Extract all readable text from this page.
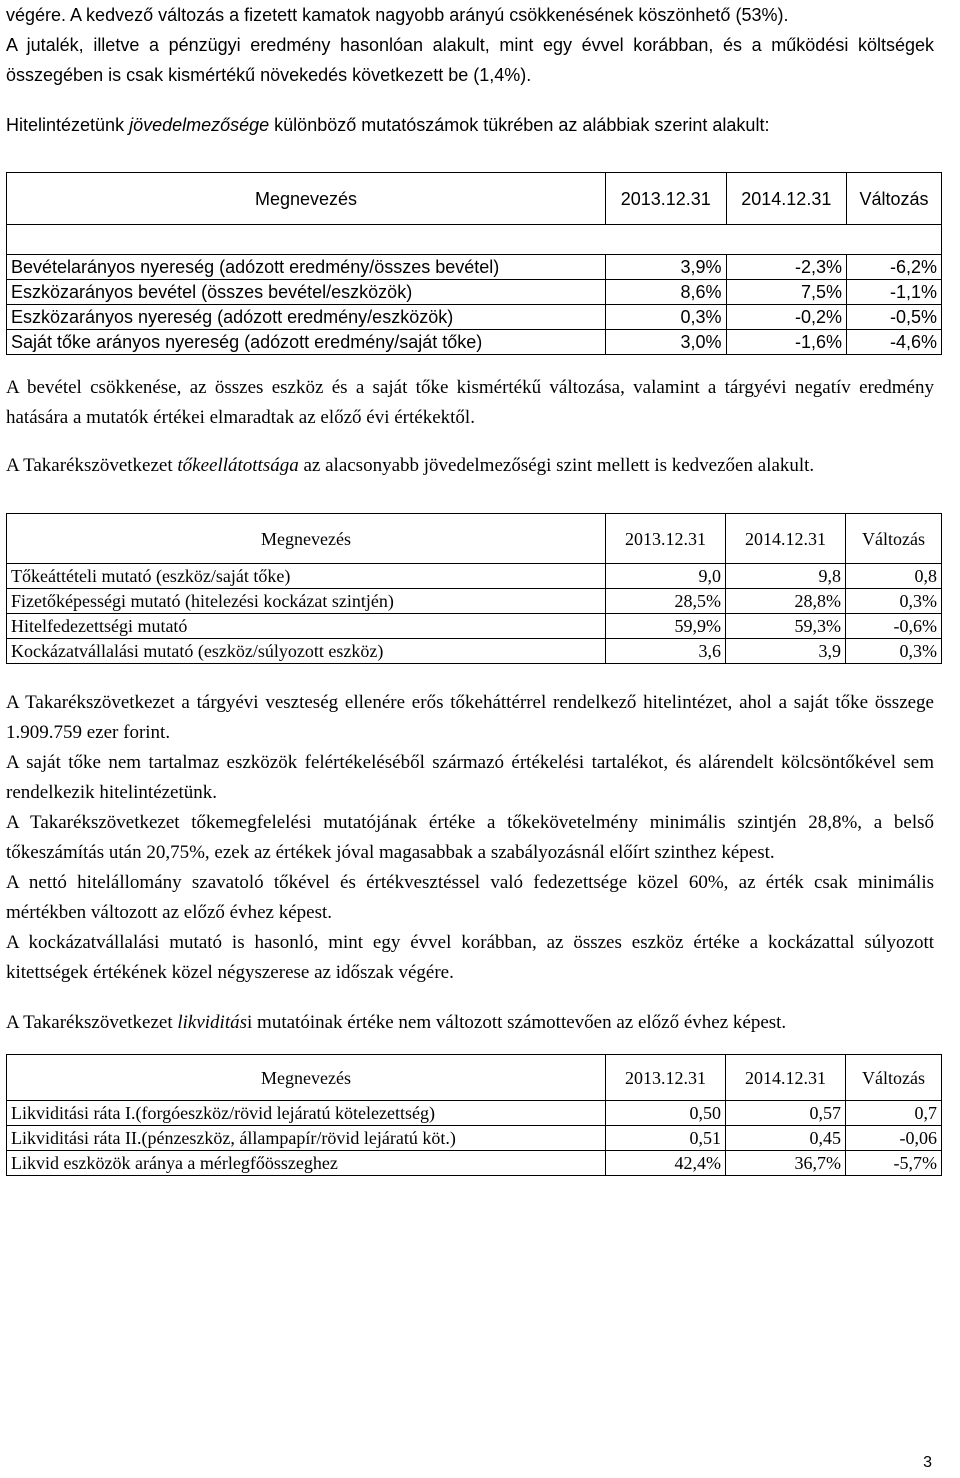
végére. A kedvező változás a fizetett kamatok nagyobb arányú csökkenésének köszönhető (53%).

A jutalék, illetve a pénzügyi eredmény hasonlóan alakult, mint egy évvel korábban, és a működési költségek összegében is csak kismértékű növekedés következett be (1,4%).

Hitelintézetünk jövedelmezősége különböző mutatószámok tükrében az alábbiak szerint alakult:

Megnevezés	2013.12.31	2014.12.31	Változás

Bevételarányos nyereség (adózott eredmény/összes bevétel)	3,9%	-2,3%	-6,2%
Eszközarányos bevétel (összes bevétel/eszközök)	8,6%	7,5%	-1,1%
Eszközarányos nyereség (adózott eredmény/eszközök)	0,3%	-0,2%	-0,5%
Saját tőke arányos nyereség (adózott eredmény/saját tőke)	3,0%	-1,6%	-4,6%

A bevétel csökkenése, az összes eszköz és a saját tőke kismértékű változása, valamint a tárgyévi negatív eredmény hatására a mutatók értékei elmaradtak az előző évi értékektől.

A Takarékszövetkezet tőkeellátottsága az alacsonyabb jövedelmezőségi szint mellett is kedvezően alakult.

Megnevezés	2013.12.31	2014.12.31	Változás
Tőkeáttételi mutató (eszköz/saját tőke)	9,0	9,8	0,8
Fizetőképességi mutató (hitelezési kockázat szintjén)	28,5%	28,8%	0,3%
Hitelfedezettségi mutató	59,9%	59,3%	-0,6%
Kockázatvállalási mutató (eszköz/súlyozott eszköz)	3,6	3,9	0,3%

A Takarékszövetkezet a tárgyévi veszteség ellenére erős tőkeháttérrel rendelkező hitelintézet, ahol a saját tőke összege 1.909.759 ezer forint.

A saját tőke nem tartalmaz eszközök felértékeléséből származó értékelési tartalékot, és alárendelt kölcsöntőkével sem rendelkezik hitelintézetünk.

A Takarékszövetkezet tőkemegfelelési mutatójának értéke a tőkekövetelmény minimális szintjén 28,8%, a belső tőkeszámítás után 20,75%, ezek az értékek jóval magasabbak a szabályozásnál előírt szinthez képest.

A nettó hitelállomány szavatoló tőkével és értékvesztéssel való fedezettsége közel 60%, az érték csak minimális mértékben változott az előző évhez képest.

A kockázatvállalási mutató is hasonló, mint egy évvel korábban, az összes eszköz értéke a kockázattal súlyozott kitettségek értékének közel négyszerese az időszak végére.

A Takarékszövetkezet likviditási mutatóinak értéke nem változott számottevően az előző évhez képest.

Megnevezés	2013.12.31	2014.12.31	Változás
Likviditási ráta I.(forgóeszköz/rövid lejáratú kötelezettség)	0,50	0,57	0,7
Likviditási ráta II.(pénzeszköz, állampapír/rövid lejáratú köt.)	0,51	0,45	-0,06
Likvid eszközök aránya a mérlegfőösszeghez	42,4%	36,7%	-5,7%
3
